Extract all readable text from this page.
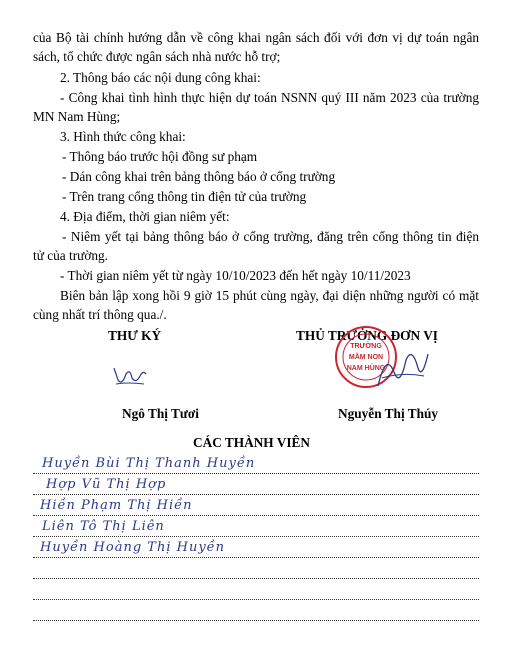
của Bộ tài chính hướng dẫn về công khai ngân sách đối với đơn vị dự toán ngân
sách, tổ chức được ngân sách nhà nước hỗ trợ;
2. Thông báo các nội dung công khai:
- Công khai tình hình thực hiện dự toán NSNN quý III năm 2023 của trường
MN Nam Hùng;
3. Hình thức công khai:
- Thông báo trước hội đồng sư phạm
- Dán công khai trên bảng thông báo ở cổng trường
- Trên trang cổng thông tin điện tử của trường
4. Địa điểm, thời gian niêm yết:
- Niêm yết tại bảng thông báo ở cổng trường, đăng trên cổng thông tin điện
tử của trường.
- Thời gian niêm yết từ ngày 10/10/2023 đến hết ngày 10/11/2023
Biên bản lập xong hồi 9 giờ 15 phút cùng ngày, đại diện những người có mặt
cùng nhất trí thông qua./.
THƯ KÝ	THỦ TRƯỞNG ĐƠN VỊ
TRƯỜNG
MẦM NON
NAM HÙNG
Ngô Thị Tươi	Nguyễn Thị Thúy
CÁC THÀNH VIÊN
Huyền Bùi Thị Thanh Huyền
Hợp Vũ Thị Hợp
Hiền Phạm Thị Hiền
Liên Tô Thị Liên
Huyền Hoàng Thị Huyền
